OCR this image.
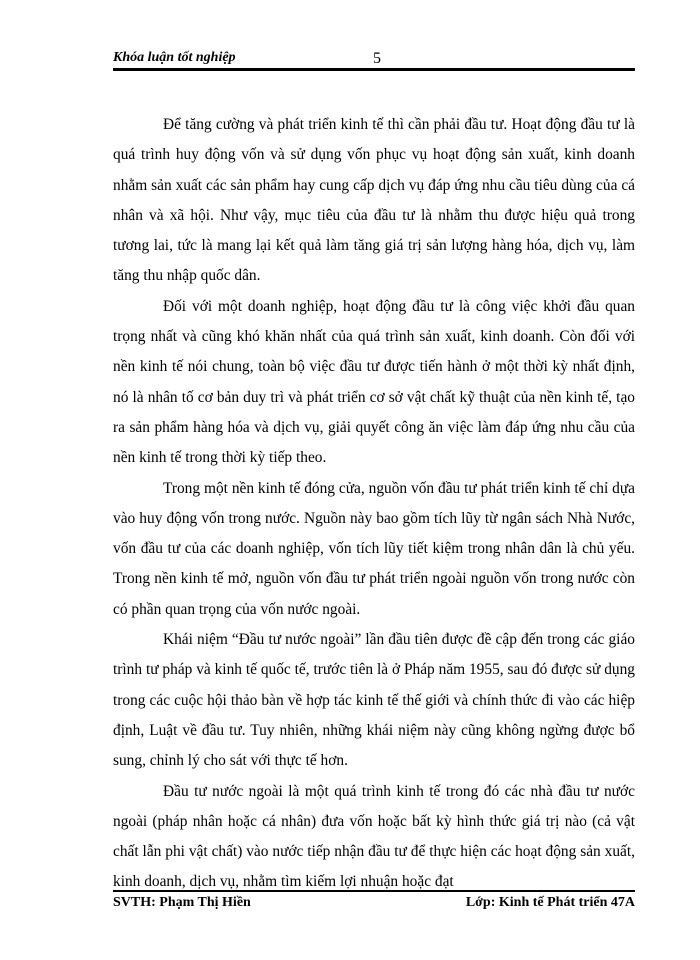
Khóa luận tốt nghiệp	5

Để tăng cường và phát triển kinh tế thì cần phải đầu tư. Hoạt động đầu tư là quá trình huy động vốn và sử dụng vốn phục vụ hoạt động sản xuất, kinh doanh nhằm sản xuất các sản phẩm hay cung cấp dịch vụ đáp ứng nhu cầu tiêu dùng của cá nhân và xã hội. Như vậy, mục tiêu của đầu tư là nhằm thu được hiệu quả trong tương lai, tức là mang lại kết quả làm tăng giá trị sản lượng hàng hóa, dịch vụ, làm tăng thu nhập quốc dân.

Đối với một doanh nghiệp, hoạt động đầu tư là công việc khởi đầu quan trọng nhất và cũng khó khăn nhất của quá trình sản xuất, kinh doanh. Còn đối với nền kinh tế nói chung, toàn bộ việc đầu tư được tiến hành ở một thời kỳ nhất định, nó là nhân tố cơ bản duy trì và phát triển cơ sở vật chất kỹ thuật của nền kinh tế, tạo ra sản phẩm hàng hóa và dịch vụ, giải quyết công ăn việc làm đáp ứng nhu cầu của nền kinh tế trong thời kỳ tiếp theo.

Trong một nền kinh tế đóng cửa, nguồn vốn đầu tư phát triển kinh tế chỉ dựa vào huy động vốn trong nước. Nguồn này bao gồm tích lũy từ ngân sách Nhà Nước, vốn đầu tư của các doanh nghiệp, vốn tích lũy tiết kiệm trong nhân dân là chủ yếu. Trong nền kinh tế mở, nguồn vốn đầu tư phát triển ngoài nguồn vốn trong nước còn có phần quan trọng của vốn nước ngoài.

Khái niệm “Đầu tư nước ngoài” lần đầu tiên được đề cập đến trong các giáo trình tư pháp và kinh tế quốc tế, trước tiên là ở Pháp năm 1955, sau đó được sử dụng trong các cuộc hội thảo bàn về hợp tác kinh tế thế giới và chính thức đi vào các hiệp định, Luật về đầu tư. Tuy nhiên, những khái niệm này cũng không ngừng được bổ sung, chỉnh lý cho sát với thực tế hơn.

Đầu tư nước ngoài là một quá trình kinh tế trong đó các nhà đầu tư nước ngoài (pháp nhân hoặc cá nhân) đưa vốn hoặc bất kỳ hình thức giá trị nào (cả vật chất lẫn phi vật chất) vào nước tiếp nhận đầu tư để thực hiện các hoạt động sản xuất, kinh doanh, dịch vụ, nhằm tìm kiếm lợi nhuận hoặc đạt

SVTH: Phạm Thị Hiền	Lớp: Kinh tế Phát triển 47A
